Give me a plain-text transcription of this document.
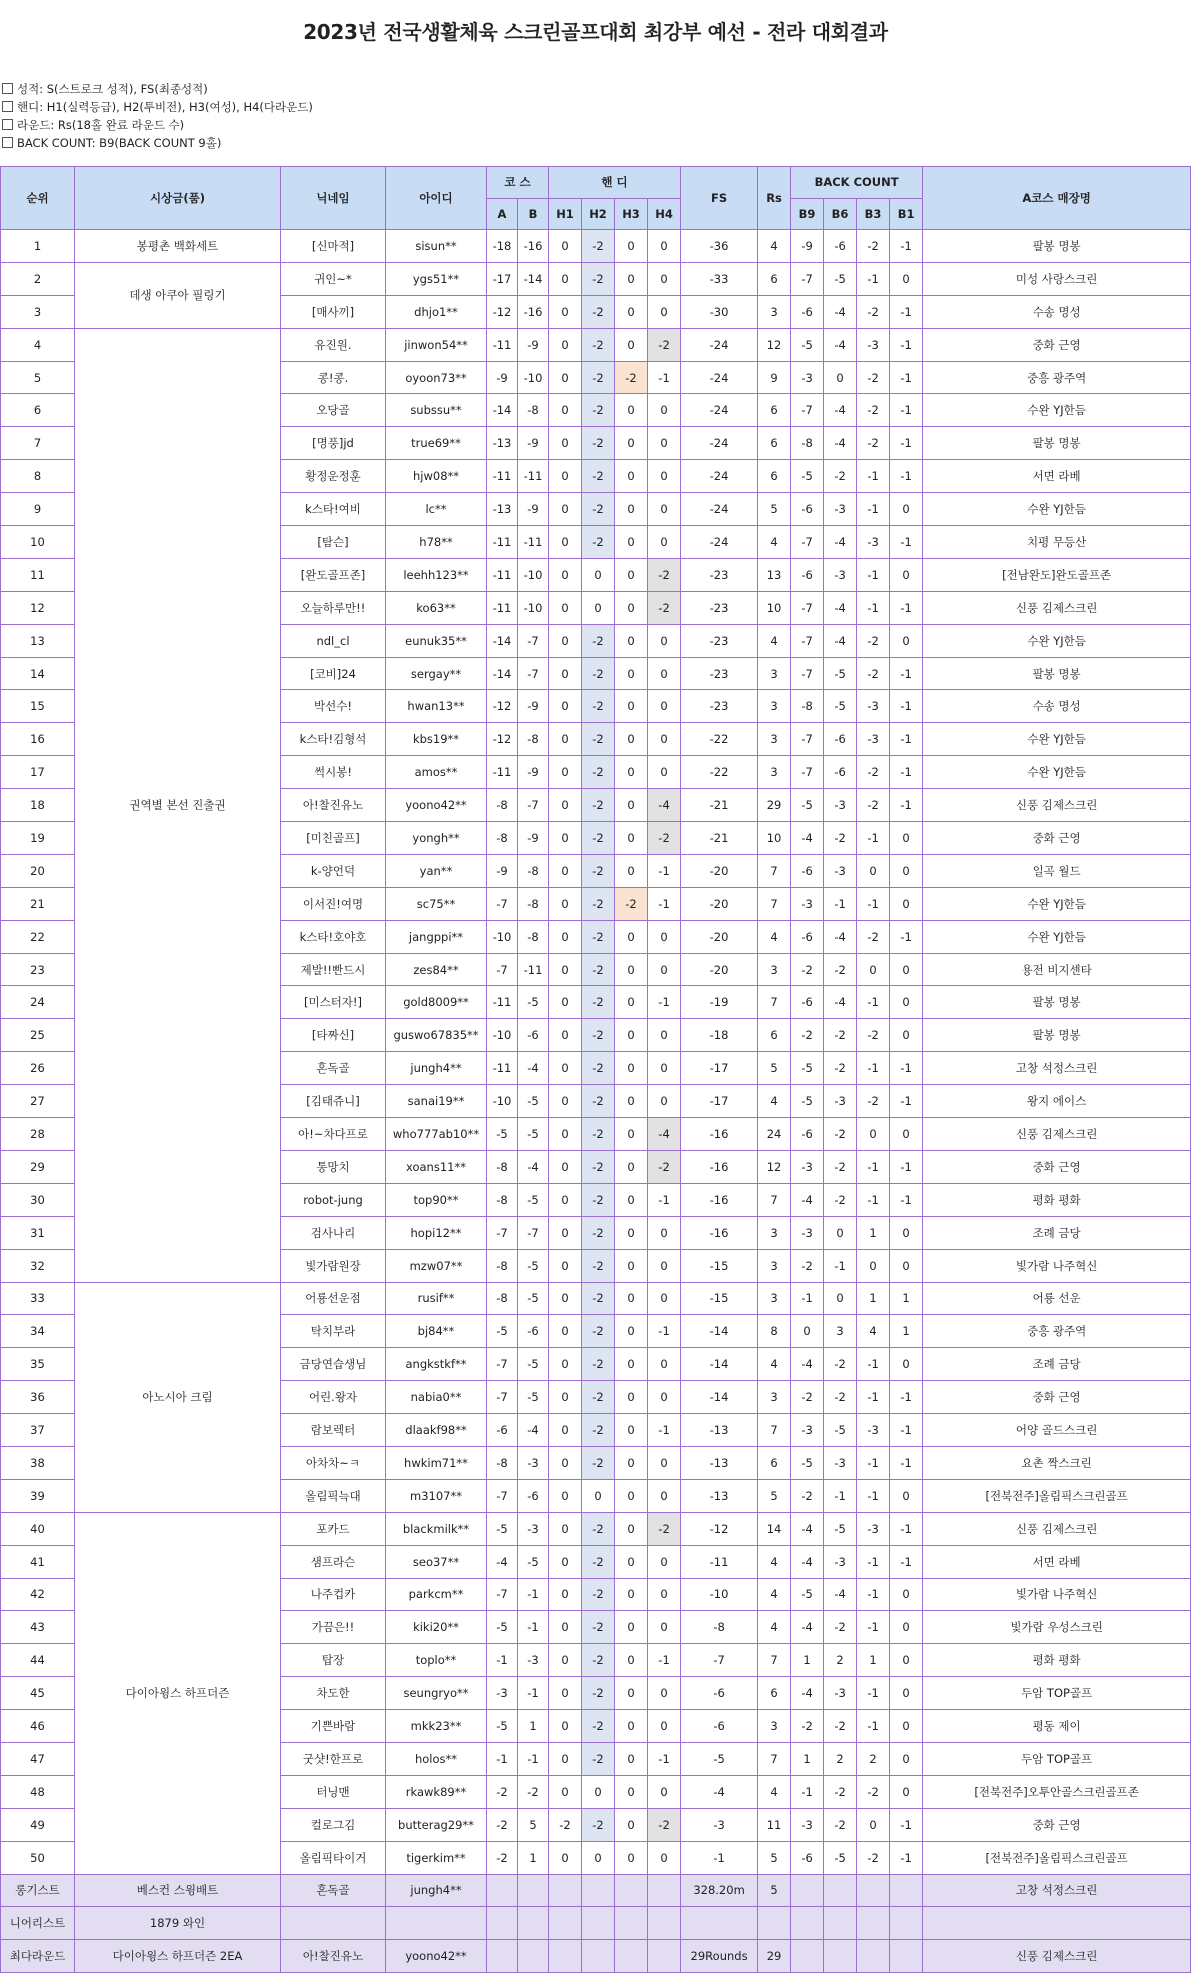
2023년 전국생활체육 스크린골프대회 최강부 예선 - 전라 대회결과
성적: S(스트로크 성적), FS(최종성적)
핸디: H1(실력등급), H2(투비전), H3(여성), H4(다라운드)
라운드: Rs(18홀 완료 라운드 수)
BACK COUNT: B9(BACK COUNT 9홀)
순위	시상금(품)	닉네임	아이디	코 스		핸 디				FS	Rs	BACK COUNT				A코스 매장명
				A	B	H1	H2	H3	H4			B9	B6	B3	B1	
1	봉평촌 백화세트	[신마적]	sisun**	-18	-16	0	-2	0	0	-36	4	-9	-6	-2	-1	팔봉 명봉
2	데생 아쿠아 필링기	귀인~*	ygs51**	-17	-14	0	-2	0	0	-33	6	-7	-5	-1	0	미성 사랑스크린
3		[매사끼]	dhjo1**	-12	-16	0	-2	0	0	-30	3	-6	-4	-2	-1	수송 명성
4	권역별 본선 진출권	유진원.	jinwon54**	-11	-9	0	-2	0	-2	-24	12	-5	-4	-3	-1	중화 근영
5		콩!콩.	oyoon73**	-9	-10	0	-2	-2	-1	-24	9	-3	0	-2	-1	중흥 광주역
6		오당골	subssu**	-14	-8	0	-2	0	0	-24	6	-7	-4	-2	-1	수완 YJ한듬
7		[명풍]jd	true69**	-13	-9	0	-2	0	0	-24	6	-8	-4	-2	-1	팔봉 명봉
8		황정운정훈	hjw08**	-11	-11	0	-2	0	0	-24	6	-5	-2	-1	-1	서면 라베
9		k스타!여비	lc**	-13	-9	0	-2	0	0	-24	5	-6	-3	-1	0	수완 YJ한듬
10		[탐슨]	h78**	-11	-11	0	-2	0	0	-24	4	-7	-4	-3	-1	치평 무등산
11		[완도골프존]	leehh123**	-11	-10	0	0	0	-2	-23	13	-6	-3	-1	0	[전남완도]완도골프존
12		오늘하루만!!	ko63**	-11	-10	0	0	0	-2	-23	10	-7	-4	-1	-1	신풍 김제스크린
13		ndl_cl	eunuk35**	-14	-7	0	-2	0	0	-23	4	-7	-4	-2	0	수완 YJ한듬
14		[코비]24	sergay**	-14	-7	0	-2	0	0	-23	3	-7	-5	-2	-1	팔봉 명봉
15		박선수!	hwan13**	-12	-9	0	-2	0	0	-23	3	-8	-5	-3	-1	수송 명성
16		k스타!김형석	kbs19**	-12	-8	0	-2	0	0	-22	3	-7	-6	-3	-1	수완 YJ한듬
17		썩시봉!	amos**	-11	-9	0	-2	0	0	-22	3	-7	-6	-2	-1	수완 YJ한듬
18		아!찰진유노	yoono42**	-8	-7	0	-2	0	-4	-21	29	-5	-3	-2	-1	신풍 김제스크린
19		[미친골프]	yongh**	-8	-9	0	-2	0	-2	-21	10	-4	-2	-1	0	중화 근영
20		k-양언덕	yan**	-9	-8	0	-2	0	-1	-20	7	-6	-3	0	0	일곡 월드
21		이서진!여명	sc75**	-7	-8	0	-2	-2	-1	-20	7	-3	-1	-1	0	수완 YJ한듬
22		k스타!호야호	jangppi**	-10	-8	0	-2	0	0	-20	4	-6	-4	-2	-1	수완 YJ한듬
23		제발!!빤드시	zes84**	-7	-11	0	-2	0	0	-20	3	-2	-2	0	0	용전 비지센타
24		[미스터자!]	gold8009**	-11	-5	0	-2	0	-1	-19	7	-6	-4	-1	0	팔봉 명봉
25		[타짜신]	guswo67835**	-10	-6	0	-2	0	0	-18	6	-2	-2	-2	0	팔봉 명봉
26		혼독골	jungh4**	-11	-4	0	-2	0	0	-17	5	-5	-2	-1	-1	고창 석정스크린
27		[김태쥬니]	sanai19**	-10	-5	0	-2	0	0	-17	4	-5	-3	-2	-1	왕지 에이스
28		아!~차다프로	who777ab10**	-5	-5	0	-2	0	-4	-16	24	-6	-2	0	0	신풍 김제스크린
29		통망치	xoans11**	-8	-4	0	-2	0	-2	-16	12	-3	-2	-1	-1	중화 근영
30		robot-jung	top90**	-8	-5	0	-2	0	-1	-16	7	-4	-2	-1	-1	평화 평화
31		검사나리	hopi12**	-7	-7	0	-2	0	0	-16	3	-3	0	1	0	조례 금당
32		빛가람원장	mzw07**	-8	-5	0	-2	0	0	-15	3	-2	-1	0	0	빛가람 나주혁신
33	아노시아 크림	어룡선운점	rusif**	-8	-5	0	-2	0	0	-15	3	-1	0	1	1	어룡 선운
34		탁치부라	bj84**	-5	-6	0	-2	0	-1	-14	8	0	3	4	1	중흥 광주역
35		금당연습생님	angkstkf**	-7	-5	0	-2	0	0	-14	4	-4	-2	-1	0	조례 금당
36		어린.왕자	nabia0**	-7	-5	0	-2	0	0	-14	3	-2	-2	-1	-1	중화 근영
37		람보렉터	dlaakf98**	-6	-4	0	-2	0	-1	-13	7	-3	-5	-3	-1	어양 골드스크린
38		아차차~ㅋ	hwkim71**	-8	-3	0	-2	0	0	-13	6	-5	-3	-1	-1	요촌 짝스크린
39		올림픽늑대	m3107**	-7	-6	0	0	0	0	-13	5	-2	-1	-1	0	[전북전주]올림픽스크린골프
40	다이아윙스 하프더즌	포카드	blackmilk**	-5	-3	0	-2	0	-2	-12	14	-4	-5	-3	-1	신풍 김제스크린
41		샘프라슨	seo37**	-4	-5	0	-2	0	0	-11	4	-4	-3	-1	-1	서면 라베
42		나주컵카	parkcm**	-7	-1	0	-2	0	0	-10	4	-5	-4	-1	0	빛가람 나주혁신
43		가끔은!!	kiki20**	-5	-1	0	-2	0	0	-8	4	-4	-2	-1	0	빛가람 우성스크린
44		탑장	toplo**	-1	-3	0	-2	0	-1	-7	7	1	2	1	0	평화 평화
45		차도한	seungryo**	-3	-1	0	-2	0	0	-6	6	-4	-3	-1	0	두암 TOP골프
46		기쁜바람	mkk23**	-5	1	0	-2	0	0	-6	3	-2	-2	-1	0	평동 제이
47		굿샷!한프로	holos**	-1	-1	0	-2	0	-1	-5	7	1	2	2	0	두암 TOP골프
48		터닝맨	rkawk89**	-2	-2	0	0	0	0	-4	4	-1	-2	-2	0	[전북전주]오투안골스크린골프존
49		컬로그김	butterag29**	-2	5	-2	-2	0	-2	-3	11	-3	-2	0	-1	중화 근영
50		올림픽타이거	tigerkim**	-2	1	0	0	0	0	-1	5	-6	-5	-2	-1	[전북전주]올림픽스크린골프
롱기스트	베스컨 스윙배트	혼독골	jungh4**							328.20m	5					고창 석정스크린
니어리스트	1879 와인															
최다라운드	다이아윙스 하프더즌 2EA	아!찰진유노	yoono42**							29Rounds	29					신풍 김제스크린
